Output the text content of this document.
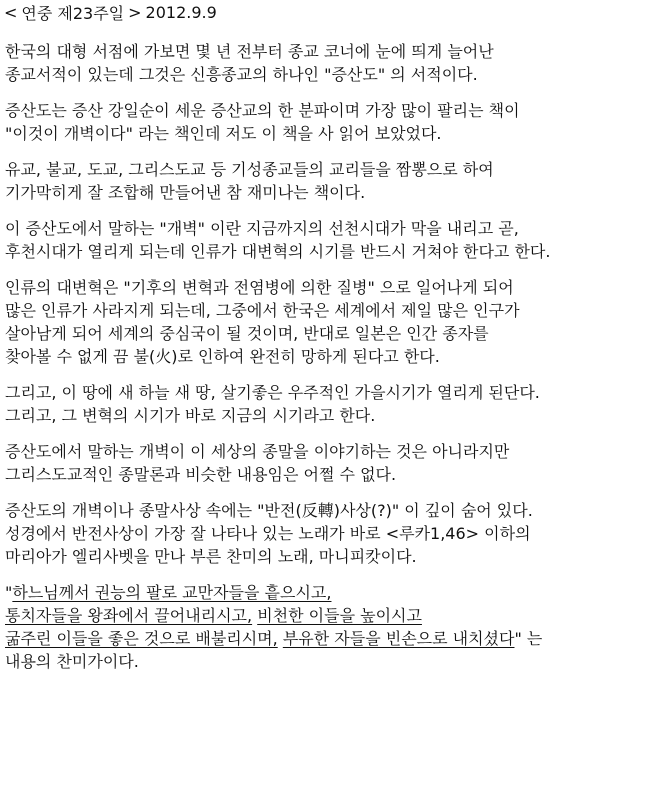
< 연중 제23주일 > 2012.9.9
한국의 대형 서점에 가보면 몇 년 전부터 종교 코너에 눈에 띄게 늘어난
종교서적이 있는데 그것은 신흥종교의 하나인 "증산도" 의 서적이다.
증산도는 증산 강일순이 세운 증산교의 한 분파이며 가장 많이 팔리는 책이
"이것이 개벽이다" 라는 책인데 저도 이 책을 사 읽어 보았었다.
유교, 불교, 도교, 그리스도교 등 기성종교들의 교리들을 짬뽕으로 하여
기가막히게 잘 조합해 만들어낸 참 재미나는 책이다.
이 증산도에서 말하는 "개벽" 이란 지금까지의 선천시대가 막을 내리고 곧,
후천시대가 열리게 되는데 인류가 대변혁의 시기를 반드시 거쳐야 한다고 한다.
인류의 대변혁은 "기후의 변혁과 전염병에 의한 질병" 으로 일어나게 되어
많은 인류가 사라지게 되는데, 그중에서 한국은 세계에서 제일 많은 인구가
살아남게 되어 세계의 중심국이 될 것이며, 반대로 일본은 인간 종자를
찾아볼 수 없게 끔 불(火)로 인하여 완전히 망하게 된다고 한다.
그리고, 이 땅에 새 하늘 새 땅, 살기좋은 우주적인 가을시기가 열리게 된단다.
그리고, 그 변혁의 시기가 바로 지금의 시기라고 한다.
증산도에서 말하는 개벽이 이 세상의 종말을 이야기하는 것은 아니라지만
그리스도교적인 종말론과 비슷한 내용임은 어쩔 수 없다.
증산도의 개벽이나 종말사상 속에는 "반전(反轉)사상(?)" 이 깊이 숨어 있다.
성경에서 반전사상이 가장 잘 나타나 있는 노래가 바로 <루카1,46> 이하의
마리아가 엘리사벳을 만나 부른 찬미의 노래, 마니피캇이다.
"하느님께서 권능의 팔로 교만자들을 흩으시고,
통치자들을 왕좌에서 끌어내리시고, 비천한 이들을 높이시고
굶주린 이들을 좋은 것으로 배불리시며, 부유한 자들을 빈손으로 내치셨다" 는
내용의 찬미가이다.
